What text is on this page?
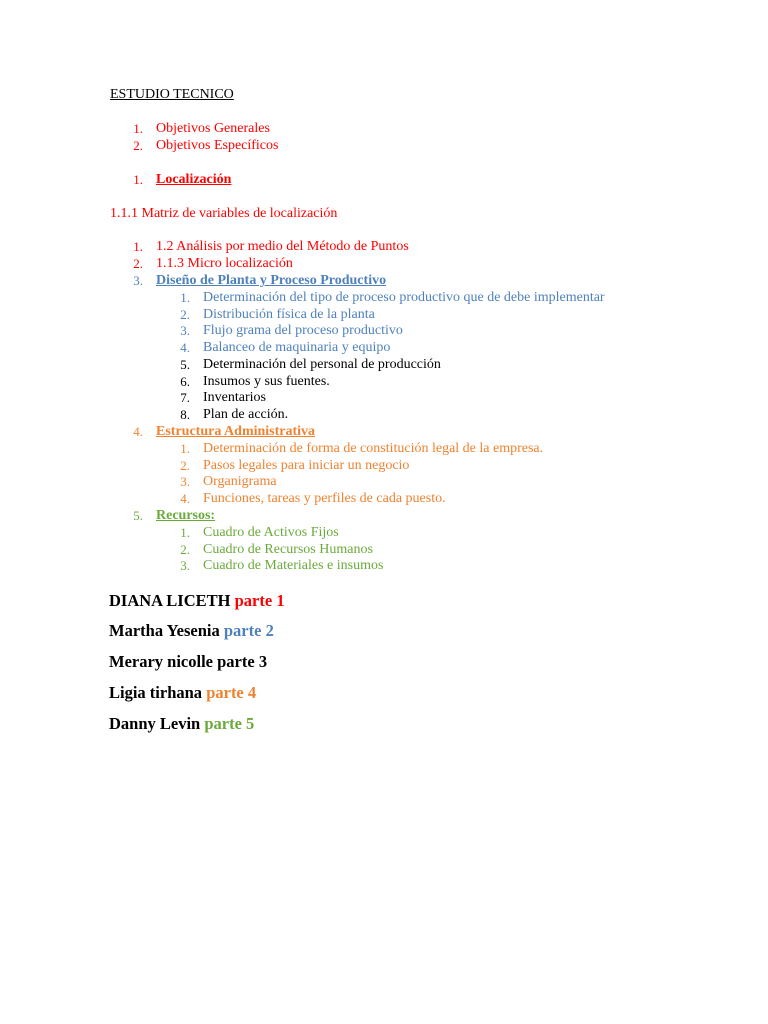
ESTUDIO TECNICO
1. Objetivos Generales
2. Objetivos Específicos
1. Localización
1.1.1 Matriz de variables de localización
1. 1.2 Análisis por medio del Método de Puntos
2. 1.1.3 Micro localización
3. Diseño de Planta y Proceso Productivo
1. Determinación del tipo de proceso productivo que de debe implementar
2. Distribución física de la planta
3. Flujo grama del proceso productivo
4. Balanceo de maquinaria y equipo
5. Determinación del personal de producción
6. Insumos y sus fuentes.
7. Inventarios
8. Plan de acción.
4. Estructura Administrativa
1. Determinación de forma de constitución legal de la empresa.
2. Pasos legales para iniciar un negocio
3. Organigrama
4. Funciones, tareas y perfiles de cada puesto.
5. Recursos:
1. Cuadro de Activos Fijos
2. Cuadro de Recursos Humanos
3. Cuadro de Materiales e insumos
DIANA LICETH parte 1
Martha Yesenia parte 2
Merary nicolle parte 3
Ligia tirhana parte 4
Danny Levin parte 5
